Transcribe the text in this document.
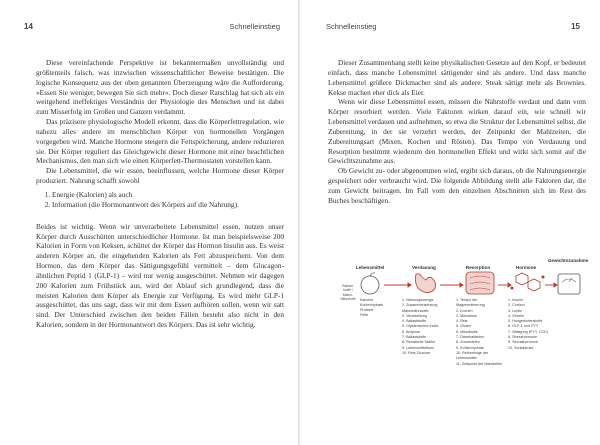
14	Schnelleinstieg

Diese vereinfachende Perspektive ist bekanntermaßen unvollständig und größtenteils falsch, was inzwischen wissenschaftlicher Beweise bestätigen. Die logische Konsequenz aus der oben genannten Überzeugung wäre die Aufforderung, »Essen Sie weniger, bewegen Sie sich mehr«. Doch dieser Ratschlag hat sich als ein weitgehend ineffektiges Verständnis der Physiologie des Menschen und ist dabei zum Misserfolg im Großen und Ganzen verdammt.

Das präzisere physiologische Modell erkennt, dass die Körperfettregulation, wie nahezu alles andere im menschlichen Körper von hormonellen Vorgängen vorgegeben wird. Manche Hormone steigern die Fettspeicherung, andere reduzieren sie. Der Körper reguliert das Gleichgewicht dieser Hormone mit einer beachtlichen Mechanismus, den man sich wie einen Körperfett-Thermostaten vorstellen kann.

Die Lebensmittel, die wir essen, beeinflussen, welche Hormone dieser Körper produziert. Nahrung schafft sowohl

1. Energie (Kalorien) als auch
2. Information (die Hormonantwort des Körpers auf die Nahrung).

Beides ist wichtig. Wenn wir unverarbeitete Lebensmittel essen, nutzen unser Körper durch Ausschütten unterschiedlicher Hormone. Ist man beispielsweise 200 Kalorien in Form von Keksen, schüttet der Körper das Hormon Insulin aus. Es weist anderen Körper an, die eingehenden Kalorien als Fett abzuspeichern. Von dem Hormon, das dem Körper das Sättigungsgefühl vermittelt – dem Glucagon-ähnlichen Peptid 1 (GLP-1) – wird nur wenig ausgeschüttet. Nehmen wir dagegen 200 Kalorien zum Frühstück aus, wird der Ablauf sich grundlegend, dass die meisten Kalorien dem Körper als Energie zur Verfügung. Es wird mehr GLP-1 ausgeschüttet, das uns sagt, dass wir mit dem Essen aufhören sollen, wenn wir satt sind. Der Unterschied zwischen den beiden Fällen besteht also nicht in den Kalorien, sondern in der Hormonantwort des Körpers. Das ist sehr wichtig.

Schnelleinstieg	15

Dieser Zusammenhang stellt keine physikalischen Gesetze auf den Kopf, er bedeutet einfach, dass manche Lebensmittel sättigender sind als andere. Und dass manche Lebensmittel größere Dickmacher sind als andere. Steak sättigt mehr als Brownies. Kekse machen eher dick als Eier.

Wenn wir diese Lebensmittel essen, müssen die Nährstoffe verdaut und dann vom Körper resorbiert werden. Viele Faktoren wirken darauf ein, wie schnell wir Lebensmittel verdauen und aufnehmen, so etwa die Struktur der Lebensmittel selbst, die Zubereitung, in der sie verzehrt werden, der Zeitpunkt der Mahlzeiten, die Zubereitungsart (Mixen, Kochen und Rösten). Das Tempo von Verdauung und Resorption bestimmt wiederum den hormonellen Effekt und wirkt sich somit auf die Gewichtszunahme aus.

Ob Gewicht zu- oder abgenommen wird, ergibt sich daraus, ob die Nahrungsenergie gespeichert oder verbraucht wird. Die folgende Abbildung stellt alle Faktoren dar, die zum Gewicht beitragen. Im Fall vom den einzelnen Abschnitten sich im Rest des Buches beschäftigen.

Lebensmittel	Verdauung	Resorption	Hormone
Gewichtszunahme
Ballast-stoffe / Makro-Nährstoffe Kalorien
Kohlenhydrate
Proteine
Fette
1. Nahrungsmenge
2. Zusammensetzung Makronährstoffe
3. Verarbeitung
4. Ballaststoffe
5. Glykämischer Index
6. Amylose
7. Ballaststoffe
8. Resistente Stärke
9. Lebensmittelform
10. Reis-Glucose
1. Tempo der Magenentleerung
2. Kochen
3. Mikrobiom
4. Reis
5. Gluten
6. Mikrobiotik
7. Darmbakterien
8. Zuckerarten
9. Kohlenhydrate
10. Reihenfolge der Lebensmittel
11. Zeitpunkt der Mahlzeiten
1. Insulin
2. Cortisol
3. Leptin
4. Ghrelin
5. Hungerbotenstoffe
6. GLP-1 und PYY
7. Sättigung (PYY, CCK)
8. Stresshormone
9. Sexualhormone
10. Schilddrüse
